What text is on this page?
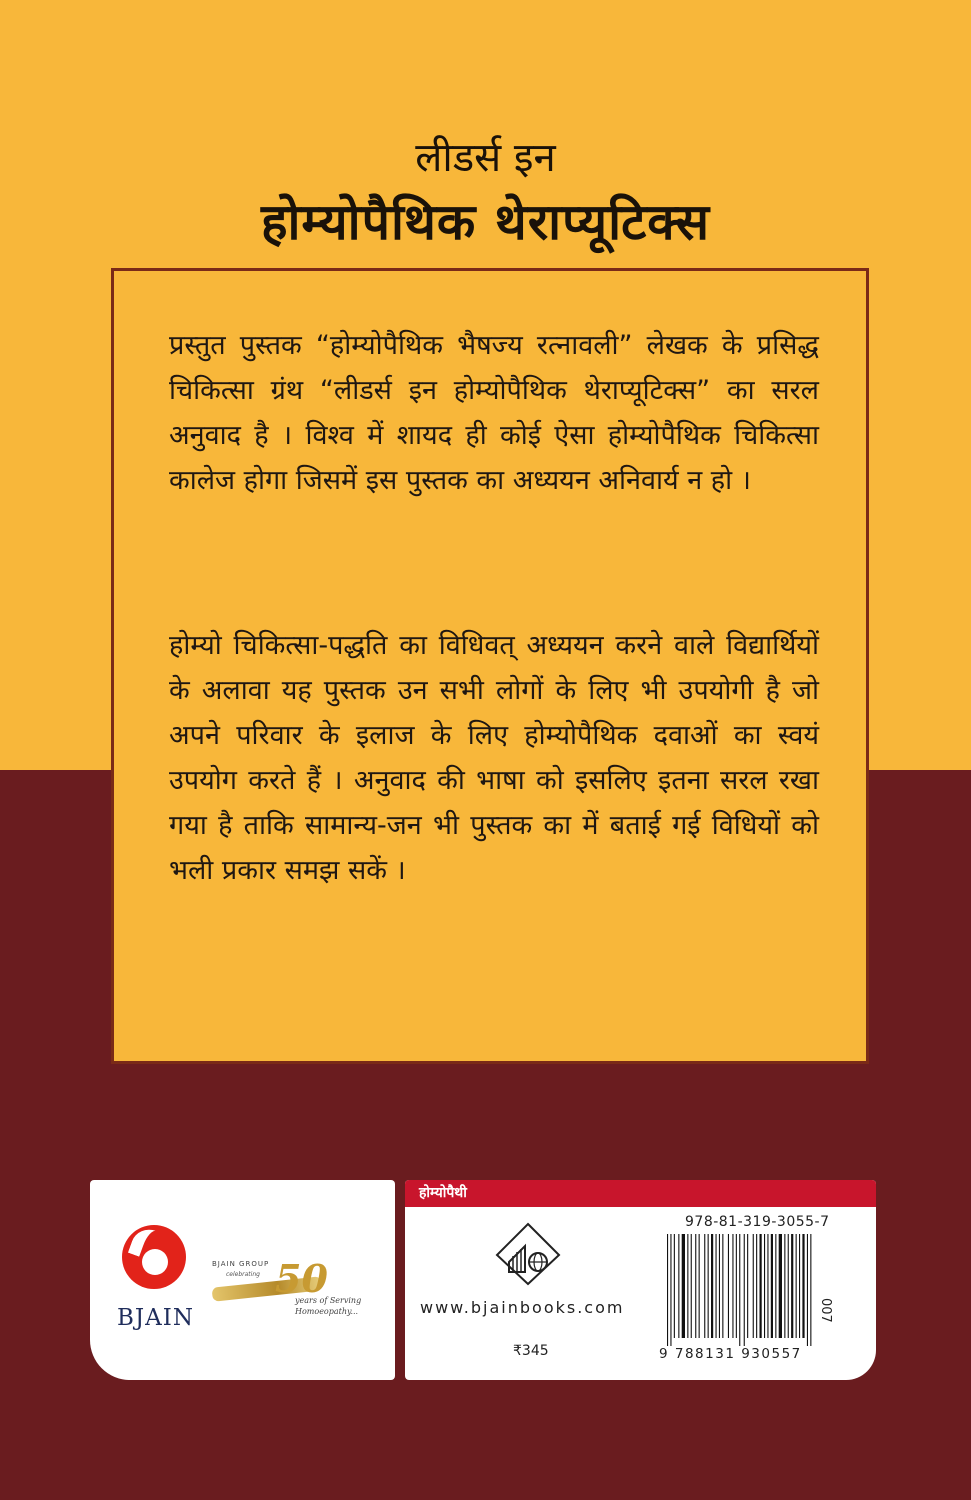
लीडर्स इन
होम्योपैथिक थेराप्यूटिक्स
प्रस्तुत पुस्तक “होम्योपैथिक भैषज्य रत्नावली” लेखक के प्रसिद्ध चिकित्सा ग्रंथ “लीडर्स इन होम्योपैथिक थेराप्यूटिक्स” का सरल अनुवाद है । विश्व में शायद ही कोई ऐसा होम्योपैथिक चिकित्सा कालेज होगा जिसमें इस पुस्तक का अध्ययन अनिवार्य न हो ।
होम्यो चिकित्सा-पद्धति का विधिवत् अध्ययन करने वाले विद्यार्थियों के अलावा यह पुस्तक उन सभी लोगों के लिए भी उपयोगी है जो अपने परिवार के इलाज के लिए होम्योपैथिक दवाओं का स्वयं उपयोग करते हैं । अनुवाद की भाषा को इसलिए इतना सरल रखा गया है ताकि सामान्य-जन भी पुस्तक का में बताई गई विधियों को भली प्रकार समझ सकें ।
BJAIN
BJAIN GROUP
celebrating 50
years of Serving
Homoeopathy...
होम्योपैथी
www.bjainbooks.com
₹345
978-81-319-3055-7
9 788131 930557
007
